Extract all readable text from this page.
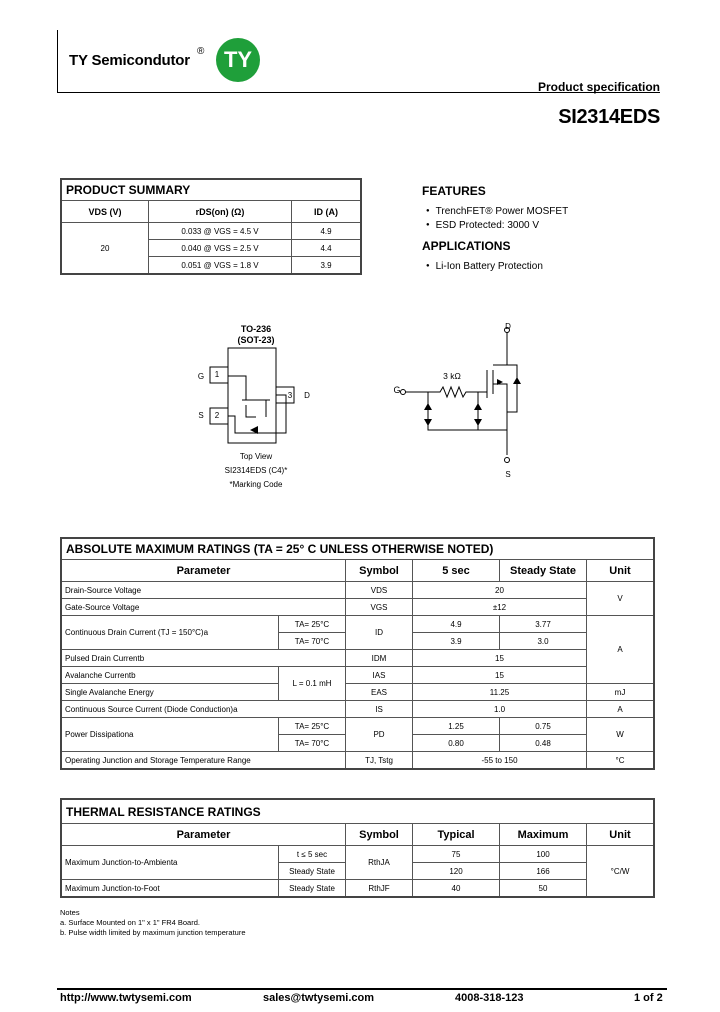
TY Semicondutor
® TY
Product specification
SI2314EDS
PRODUCT SUMMARY		
VDS (V)	rDS(on) (Ω)	ID (A)
20	0.033 @ VGS = 4.5 V	4.9
	0.040 @ VGS = 2.5 V	4.4
	0.051 @ VGS = 1.8 V	3.9
FEATURES
● TrenchFET® Power MOSFET
● ESD Protected: 3000 V
APPLICATIONS
● Li-Ion Battery Protection
TO-236
(SOT-23)
1
2
3
G
S
D
Top View
SI2314EDS (C4)*
*Marking Code
D
G
S
3 kΩ
ABSOLUTE MAXIMUM RATINGS (TA = 25° C UNLESS OTHERWISE NOTED)					
Parameter		Symbol	5 sec	Steady State	Unit
Drain-Source Voltage		VDS	20		V
Gate-Source Voltage		VGS	±12		
Continuous Drain Current (TJ = 150°C)a	TA= 25°C	ID	4.9	3.77	A
	TA= 70°C		3.9	3.0	
Pulsed Drain Currentb		IDM	15		
Avalanche Currentb	L = 0.1 mH	IAS	15		
Single Avalanche Energy		EAS	11.25		mJ
Continuous Source Current (Diode Conduction)a		IS	1.0		A
Power Dissipationa	TA= 25°C	PD	1.25	0.75	W
	TA= 70°C		0.80	0.48	
Operating Junction and Storage Temperature Range		TJ, Tstg	-55 to 150		°C
THERMAL RESISTANCE RATINGS					
Parameter		Symbol	Typical	Maximum	Unit
Maximum Junction-to-Ambienta	t ≤ 5 sec	RthJA	75	100	°C/W
	Steady State		120	166	
Maximum Junction-to-Foot	Steady State	RthJF	40	50	
Notes
a. Surface Mounted on 1" x 1" FR4 Board.
b. Pulse width limited by maximum junction temperature
http://www.twtysemi.com	sales@twtysemi.com	4008-318-123	1 of 2
